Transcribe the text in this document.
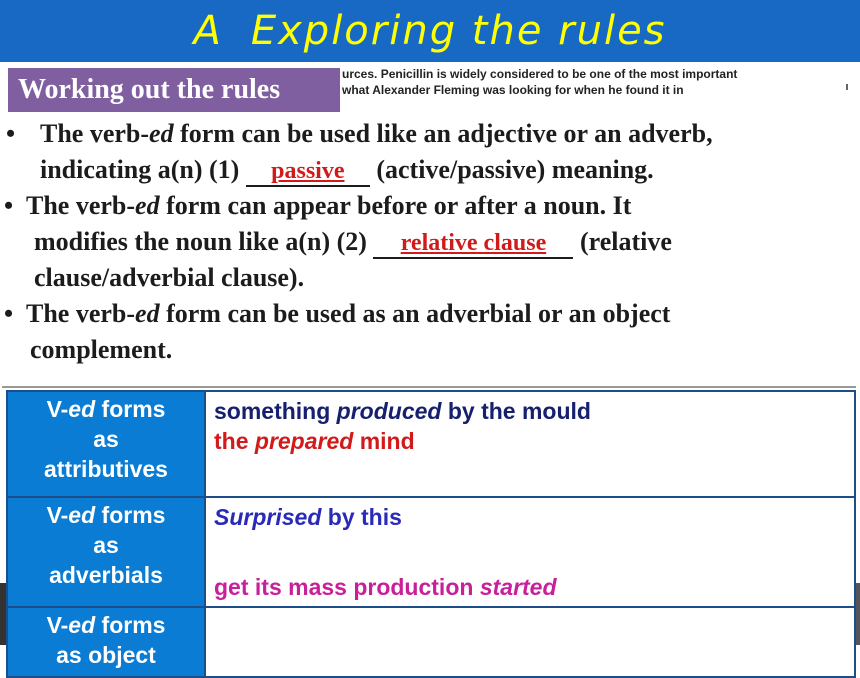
A Exploring the rules
urces. Penicillin is widely considered to be one of the most important
what Alexander Fleming was looking for when he found it in
Working out the rules

• The verb-ed form can be used like an adjective or an adverb,
indicating a(n) (1) passive (active/passive) meaning.

• The verb-ed form can appear before or after a noun. It
modifies the noun like a(n) (2) relative clause (relative
clause/adverbial clause).

• The verb-ed form can be used as an adverbial or an object
complement.

V-ed forms
as
attributives	something produced by the mould
the prepared mind

V-ed forms
as
adverbials	Surprised by this
get its mass production started

V-ed forms
as object	
